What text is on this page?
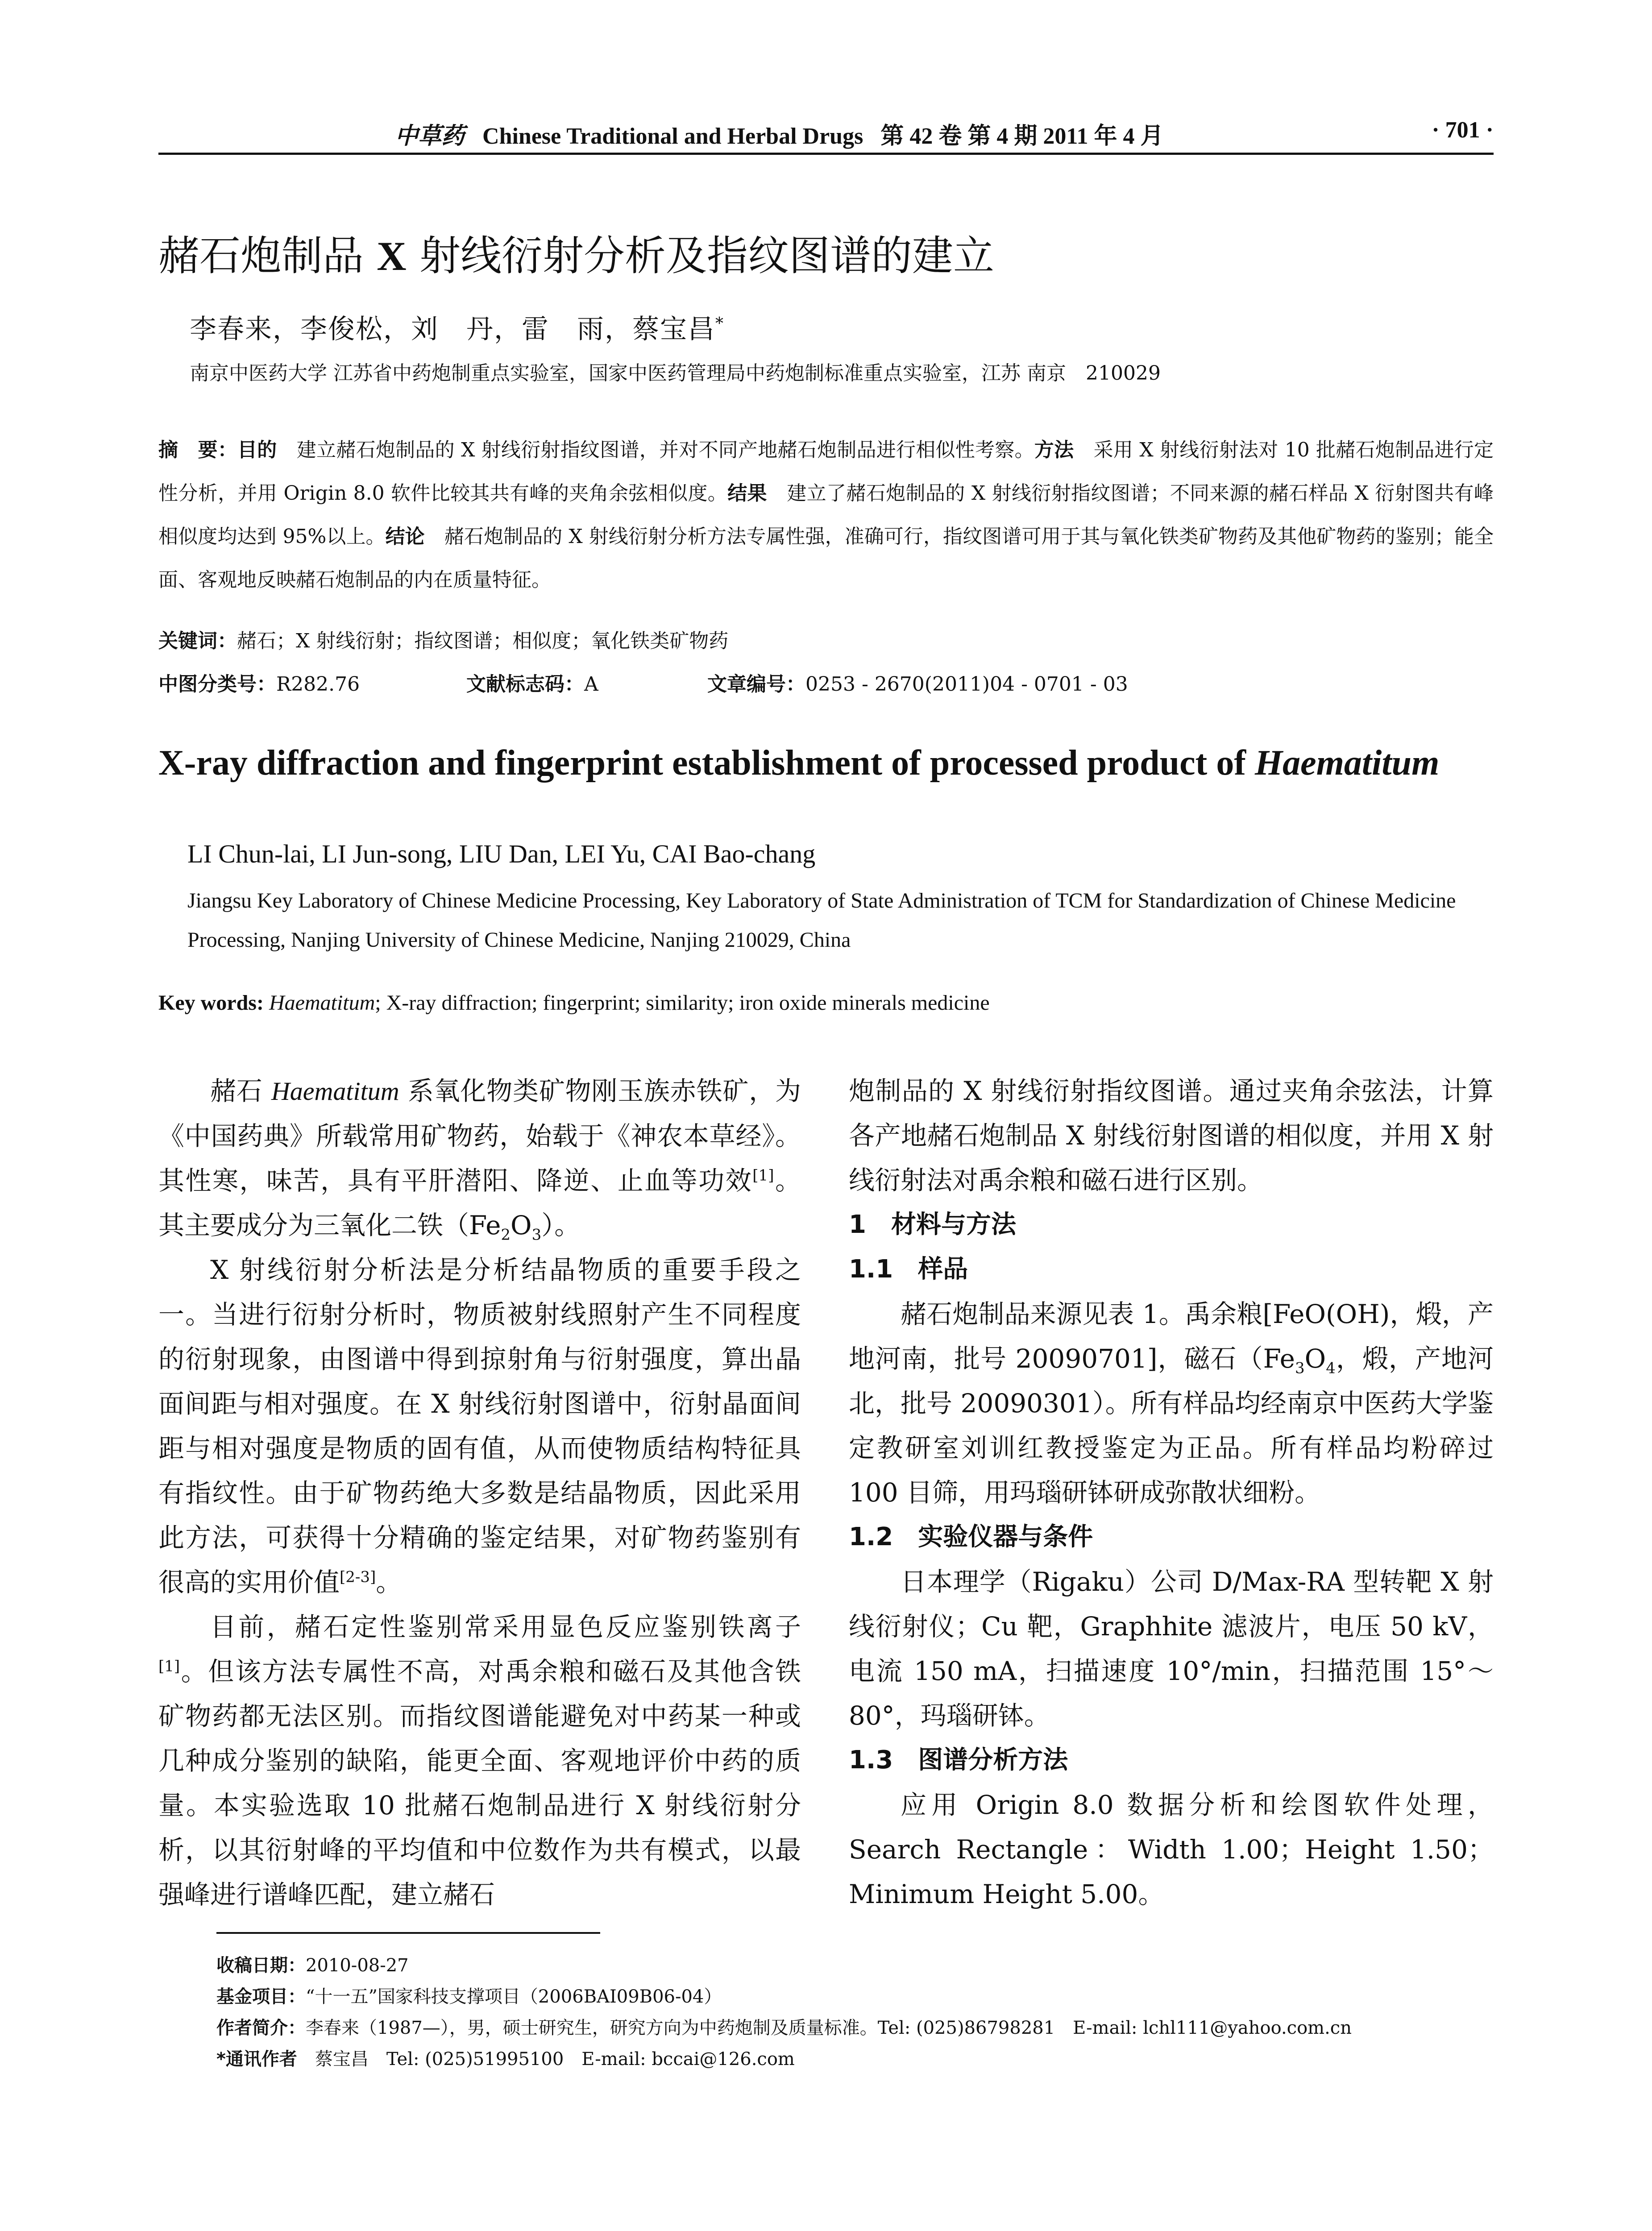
中草药 Chinese Traditional and Herbal Drugs 第 42 卷 第 4 期 2011 年 4 月	· 701 ·
赭石炮制品 X 射线衍射分析及指纹图谱的建立
李春来，李俊松，刘　丹，雷　雨，蔡宝昌*
南京中医药大学 江苏省中药炮制重点实验室，国家中医药管理局中药炮制标准重点实验室，江苏 南京　210029
摘　要：目的　建立赭石炮制品的 X 射线衍射指纹图谱，并对不同产地赭石炮制品进行相似性考察。方法　采用 X 射线衍射法对 10 批赭石炮制品进行定性分析，并用 Origin 8.0 软件比较其共有峰的夹角余弦相似度。结果　建立了赭石炮制品的 X 射线衍射指纹图谱；不同来源的赭石样品 X 衍射图共有峰相似度均达到 95%以上。结论　赭石炮制品的 X 射线衍射分析方法专属性强，准确可行，指纹图谱可用于其与氧化铁类矿物药及其他矿物药的鉴别；能全面、客观地反映赭石炮制品的内在质量特征。
关键词：赭石；X 射线衍射；指纹图谱；相似度；氧化铁类矿物药
中图分类号：R282.76	文献标志码：A	文章编号：0253 - 2670(2011)04 - 0701 - 03
X-ray diffraction and fingerprint establishment of processed product of Haematitum
LI Chun-lai, LI Jun-song, LIU Dan, LEI Yu, CAI Bao-chang
Jiangsu Key Laboratory of Chinese Medicine Processing, Key Laboratory of State Administration of TCM for Standardization of Chinese Medicine Processing, Nanjing University of Chinese Medicine, Nanjing 210029, China
Key words: Haematitum; X-ray diffraction; fingerprint; similarity; iron oxide minerals medicine

赭石 Haematitum 系氧化物类矿物刚玉族赤铁矿，为《中国药典》所载常用矿物药，始载于《神农本草经》。其性寒，味苦，具有平肝潜阳、降逆、止血等功效[1]。其主要成分为三氧化二铁$(Fe_2O_3)$。

X 射线衍射分析法是分析结晶物质的重要手段之一。当进行衍射分析时，物质被射线照射产生不同程度的衍射现象，由图谱中得到掠射角与衍射强度，算出晶面间距与相对强度。在 X 射线衍射图谱中，衍射晶面间距与相对强度是物质的固有值，从而使物质结构特征具有指纹性。由于矿物药绝大多数是结晶物质，因此采用此方法，可获得十分精确的鉴定结果，对矿物药鉴别有很高的实用价值[2-3]。

目前，赭石定性鉴别常采用显色反应鉴别铁离子[1]。但该方法专属性不高，对禹余粮和磁石及其他含铁矿物药都无法区别。而指纹图谱能避免对中药某一种或几种成分鉴别的缺陷，能更全面、客观地评价中药的质量。本实验选取 10 批赭石炮制品进行 X 射线衍射分析，以其衍射峰的平均值和中位数作为共有模式，以最强峰进行谱峰匹配，建立赭石

炮制品的 X 射线衍射指纹图谱。通过夹角余弦法，计算各产地赭石炮制品 X 射线衍射图谱的相似度，并用 X 射线衍射法对禹余粮和磁石进行区别。

1　材料与方法
1.1　样品

赭石炮制品来源见表 1。禹余粮[FeO(OH)，煅，产地河南，批号 20090701]，磁石（$Fe_3O_4$，煅，产地河北，批号 20090301）。所有样品均经南京中医药大学鉴定教研室刘训红教授鉴定为正品。所有样品均粉碎过 100 目筛，用玛瑙研钵研成弥散状细粉。

1.2　实验仪器与条件

日本理学（Rigaku）公司 D/Max-RA 型转靶 X 射线衍射仪；Cu 靶，Graphhite 滤波片，电压 50 kV，电流 150 mA，扫描速度 10°/min，扫描范围 15°～80°，玛瑙研钵。

1.3　图谱分析方法

应用 Origin 8.0 数据分析和绘图软件处理，Search Rectangle：Width 1.00；Height 1.50；Minimum Height 5.00。

收稿日期：2010-08-27
基金项目：“十一五”国家科技支撑项目（2006BAI09B06-04）
作者简介：李春来（1987—），男，硕士研究生，研究方向为中药炮制及质量标准。Tel: (025)86798281　E-mail: lchl111@yahoo.com.cn
*通讯作者　蔡宝昌　Tel: (025)51995100　E-mail: bccai@126.com
